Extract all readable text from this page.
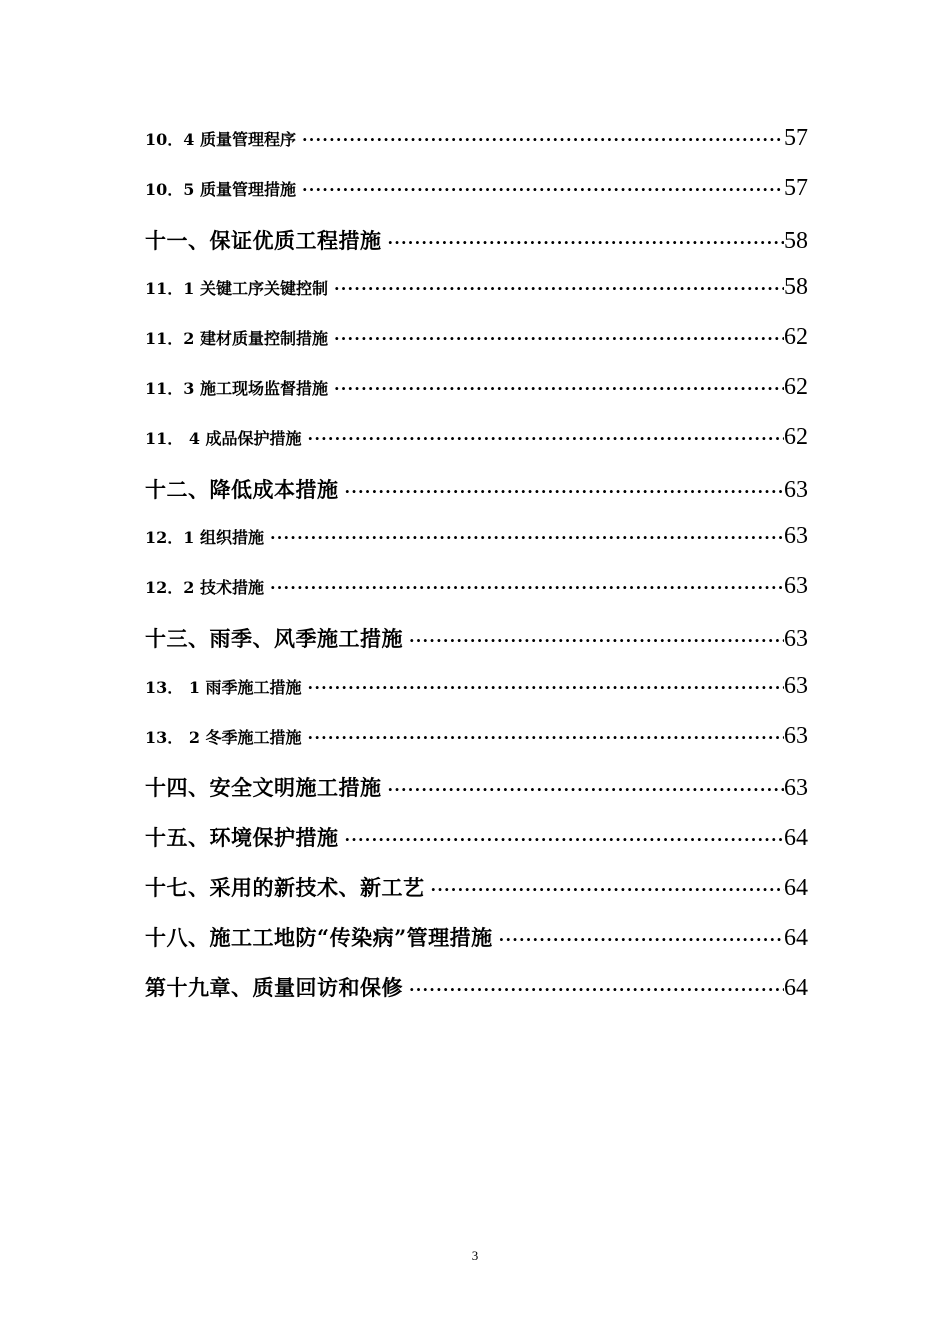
10．4 质量管理程序 ·····	57
10．5 质量管理措施 ·····	57
十一、保证优质工程措施 ·····	58
11．1 关键工序关键控制 ·····	58
11．2 建材质量控制措施 ·····	62
11．3 施工现场监督措施 ·····	62
11． 4 成品保护措施 ·····	62
十二、降低成本措施 ·····	63
12．1 组织措施 ·····	63
12．2 技术措施 ·····	63
十三、雨季、风季施工措施 ·····	63
13． 1 雨季施工措施 ·····	63
13． 2 冬季施工措施 ·····	63
十四、安全文明施工措施 ·····	63
十五、环境保护措施 ·····	64
十七、采用的新技术、新工艺 ·····	64
十八、施工工地防“传染病”管理措施 ·····	64
第十九章、质量回访和保修 ·····	64
3
